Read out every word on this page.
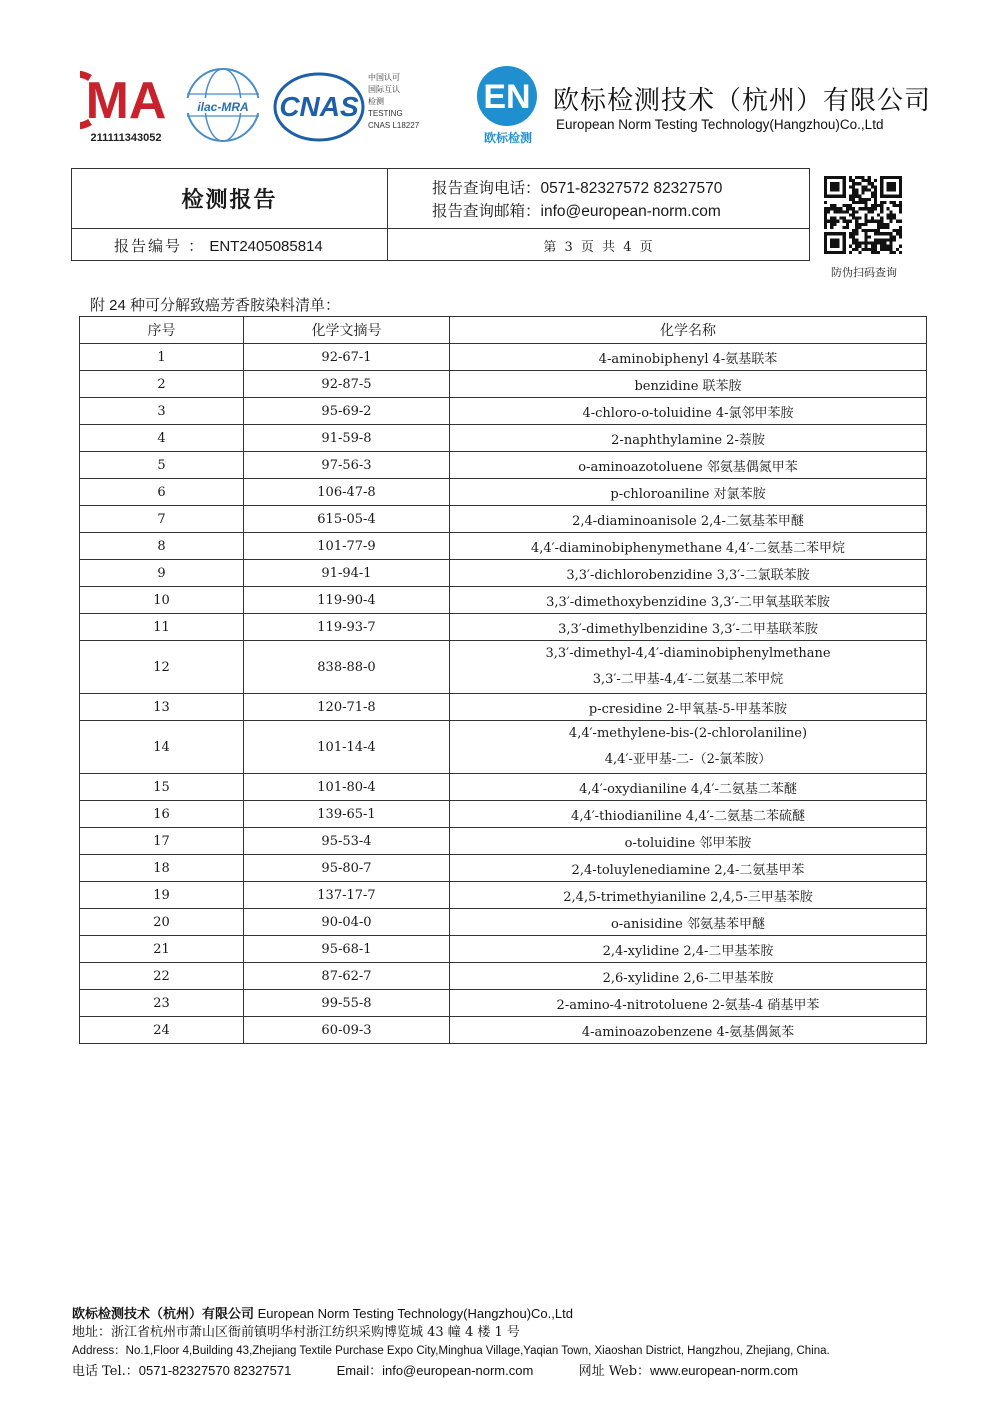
MA
211111343052
ilac-MRA CNAS
中国认可
国际互认
检测
TESTING
CNAS L18227
EN
欧标检测
欧标检测技术（杭州）有限公司
European Norm Testing Technology(Hangzhou)Co.,Ltd
检测报告	报告查询电话：0571-82327572 82327570
报告查询邮箱：info@european-norm.com
报告编号 ： ENT2405085814	第 3 页 共 4 页
防伪扫码查询
附 24 种可分解致癌芳香胺染料清单：
序号	化学文摘号	化学名称
1	92-67-1	4-aminobiphenyl 4-氨基联苯
2	92-87-5	benzidine 联苯胺
3	95-69-2	4-chloro-o-toluidine 4-氯邻甲苯胺
4	91-59-8	2-naphthylamine 2-萘胺
5	97-56-3	o-aminoazotoluene 邻氨基偶氮甲苯
6	106-47-8	p-chloroaniline 对氯苯胺
7	615-05-4	2,4-diaminoanisole 2,4-二氨基苯甲醚
8	101-77-9	4,4′-diaminobiphenymethane 4,4′-二氨基二苯甲烷
9	91-94-1	3,3′-dichlorobenzidine 3,3′-二氯联苯胺
10	119-90-4	3,3′-dimethoxybenzidine 3,3′-二甲氧基联苯胺
11	119-93-7	3,3′-dimethylbenzidine 3,3′-二甲基联苯胺
12	838-88-0	3,3′-dimethyl-4,4′-diaminobiphenylmethane
3,3′-二甲基-4,4′-二氨基二苯甲烷

13	120-71-8	p-cresidine 2-甲氧基-5-甲基苯胺
14	101-14-4	4,4′-methylene-bis-(2-chlorolaniline)
4,4′-亚甲基-二-（2-氯苯胺）

15	101-80-4	4,4′-oxydianiline 4,4′-二氨基二苯醚
16	139-65-1	4,4′-thiodianiline 4,4′-二氨基二苯硫醚
17	95-53-4	o-toluidine 邻甲苯胺
18	95-80-7	2,4-toluylenediamine 2,4-二氨基甲苯
19	137-17-7	2,4,5-trimethyianiline 2,4,5-三甲基苯胺
20	90-04-0	o-anisidine 邻氨基苯甲醚
21	95-68-1	2,4-xylidine 2,4-二甲基苯胺
22	87-62-7	2,6-xylidine 2,6-二甲基苯胺
23	99-55-8	2-amino-4-nitrotoluene 2-氨基-4 硝基甲苯
24	60-09-3	4-aminoazobenzene 4-氨基偶氮苯
欧标检测技术（杭州）有限公司 European Norm Testing Technology(Hangzhou)Co.,Ltd
地址：浙江省杭州市萧山区衙前镇明华村浙江纺织采购博览城 43 幢 4 楼 1 号
Address：No.1,Floor 4,Building 43,Zhejiang Textile Purchase Expo City,Minghua Village,Yaqian Town, Xiaoshan District, Hangzhou, Zhejiang, China.
电话 Tel.：0571-82327570 82327571	Email：info@european-norm.com	网址 Web：www.european-norm.com
